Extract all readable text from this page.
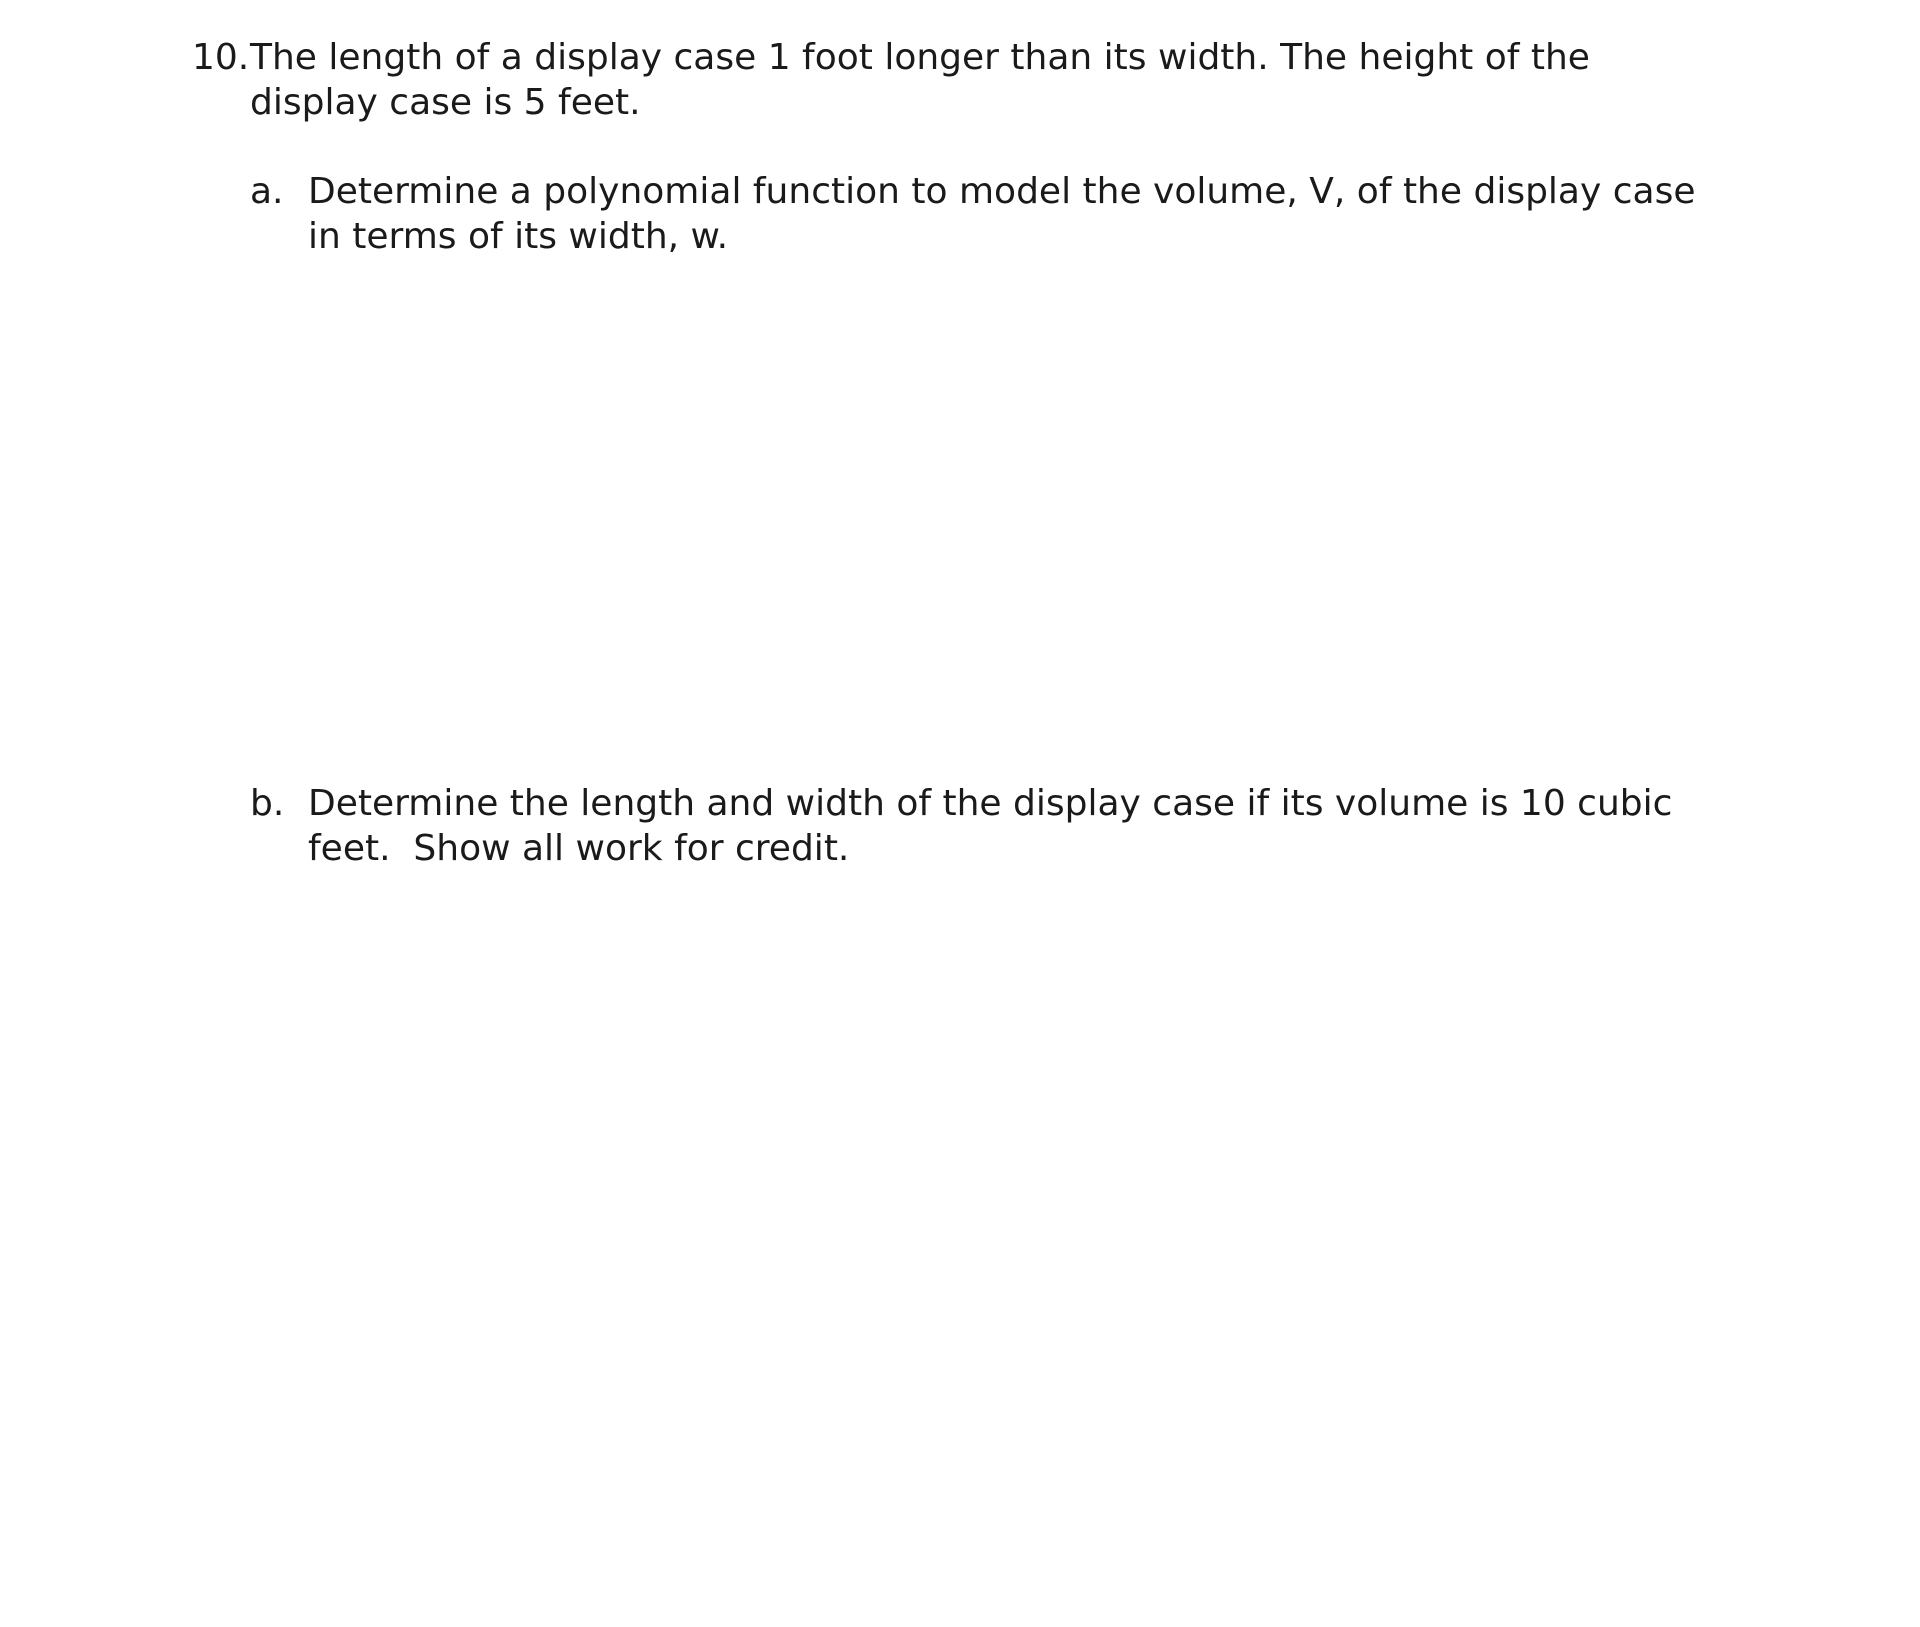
10. The length of a display case 1 foot longer than its width. The height of the display case is 5 feet.
a. Determine a polynomial function to model the volume, V, of the display case in terms of its width, w.
b. Determine the length and width of the display case if its volume is 10 cubic feet.  Show all work for credit.
